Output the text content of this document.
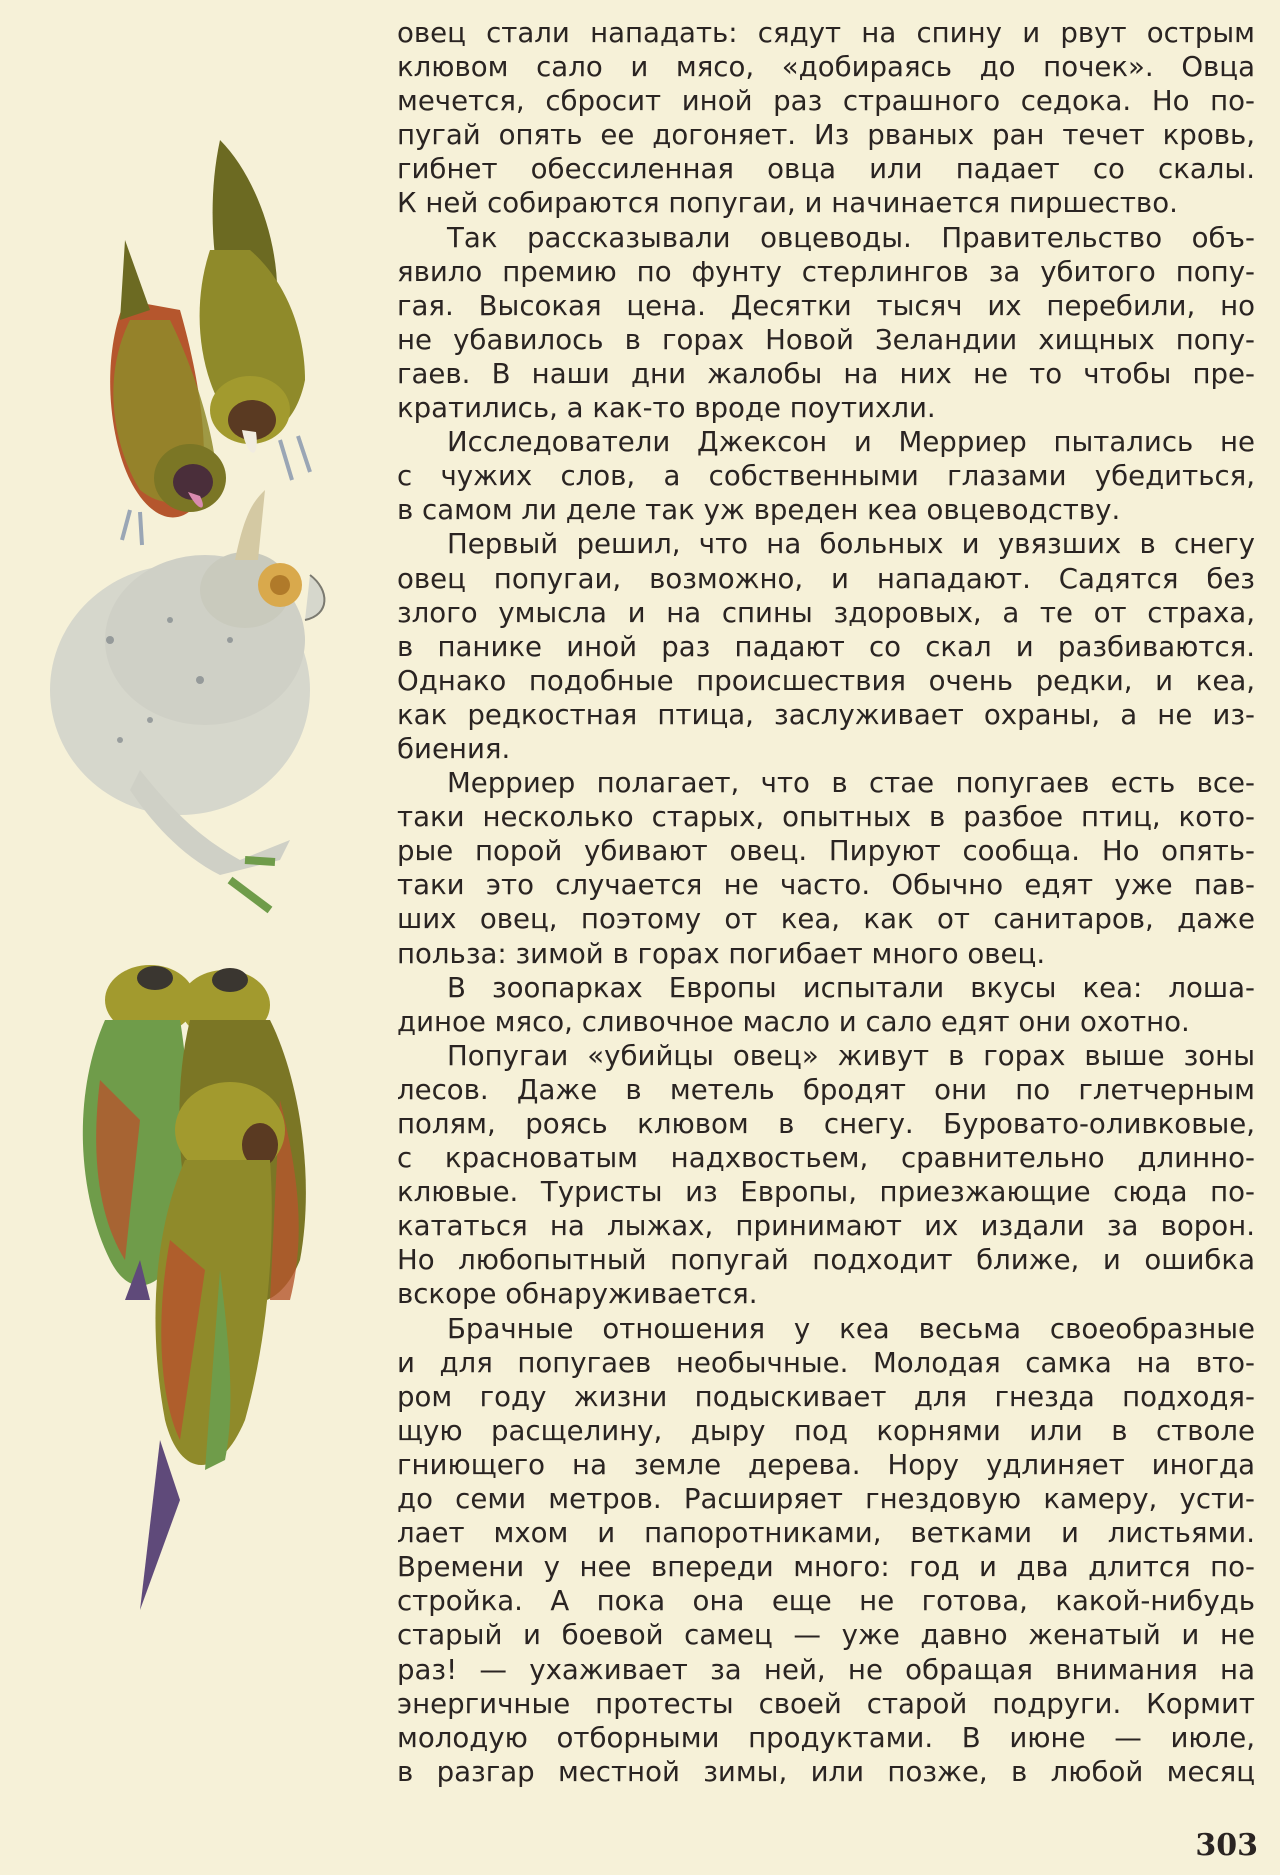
овец стали нападать: сядут на спину и рвут острым
клювом сало и мясо, «добираясь до почек». Овца
мечется, сбросит иной раз страшного седока. Но по-
пугай опять ее догоняет. Из рваных ран течет кровь,
гибнет обессиленная овца или падает со скалы.
К ней собираются попугаи, и начинается пиршество.
Так рассказывали овцеводы. Правительство объ-
явило премию по фунту стерлингов за убитого попу-
гая. Высокая цена. Десятки тысяч их перебили, но
не убавилось в горах Новой Зеландии хищных попу-
гаев. В наши дни жалобы на них не то чтобы пре-
кратились, а как-то вроде поутихли.
Исследователи Джексон и Мерриер пытались не
с чужих слов, а собственными глазами убедиться,
в самом ли деле так уж вреден кеа овцеводству.
Первый решил, что на больных и увязших в снегу
овец попугаи, возможно, и нападают. Садятся без
злого умысла и на спины здоровых, а те от страха,
в панике иной раз падают со скал и разбиваются.
Однако подобные происшествия очень редки, и кеа,
как редкостная птица, заслуживает охраны, а не из-
биения.
Мерриер полагает, что в стае попугаев есть все-
таки несколько старых, опытных в разбое птиц, кото-
рые порой убивают овец. Пируют сообща. Но опять-
таки это случается не часто. Обычно едят уже пав-
ших овец, поэтому от кеа, как от санитаров, даже
польза: зимой в горах погибает много овец.
В зоопарках Европы испытали вкусы кеа: лоша-
диное мясо, сливочное масло и сало едят они охотно.
Попугаи «убийцы овец» живут в горах выше зоны
лесов. Даже в метель бродят они по глетчерным
полям, роясь клювом в снегу. Буровато-оливковые,
с красноватым надхвостьем, сравнительно длинно-
клювые. Туристы из Европы, приезжающие сюда по-
кататься на лыжах, принимают их издали за ворон.
Но любопытный попугай подходит ближе, и ошибка
вскоре обнаруживается.
Брачные отношения у кеа весьма своеобразные
и для попугаев необычные. Молодая самка на вто-
ром году жизни подыскивает для гнезда подходя-
щую расщелину, дыру под корнями или в стволе
гниющего на земле дерева. Нору удлиняет иногда
до семи метров. Расширяет гнездовую камеру, усти-
лает мхом и папоротниками, ветками и листьями.
Времени у нее впереди много: год и два длится по-
стройка. А пока она еще не готова, какой-нибудь
старый и боевой самец — уже давно женатый и не
раз! — ухаживает за ней, не обращая внимания на
энергичные протесты своей старой подруги. Кормит
молодую отборными продуктами. В июне — июле,
в разгар местной зимы, или позже, в любой месяц
303
